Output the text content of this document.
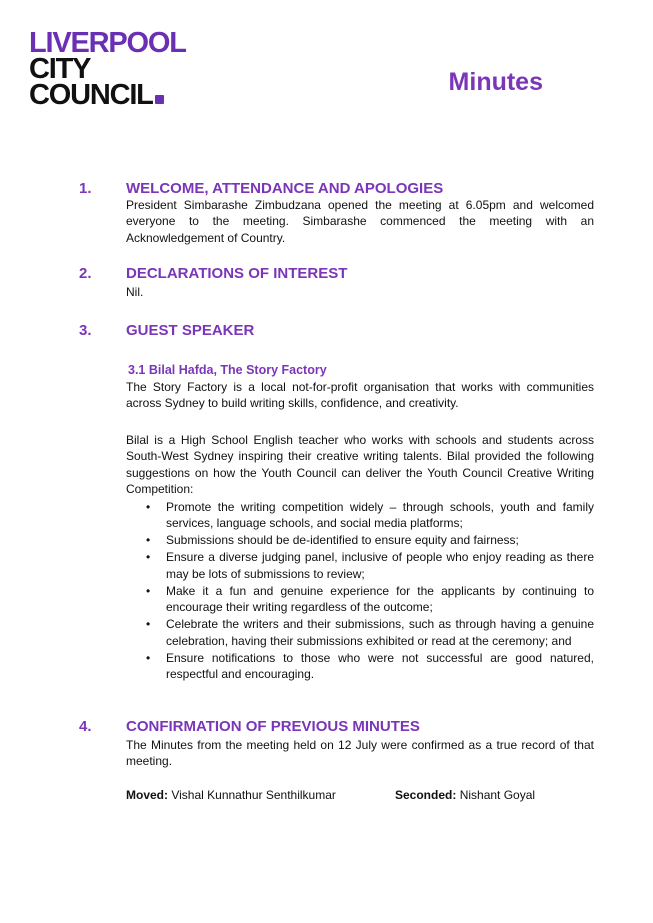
LIVERPOOL
CITY
COUNCIL	Minutes
1. WELCOME, ATTENDANCE AND APOLOGIES

President Simbarashe Zimbudzana opened the meeting at 6.05pm and welcomed everyone to the meeting. Simbarashe commenced the meeting with an Acknowledgement of Country.

2. DECLARATIONS OF INTEREST

Nil.

3. GUEST SPEAKER
3.1 Bilal Hafda, The Story Factory

The Story Factory is a local not-for-profit organisation that works with communities across Sydney to build writing skills, confidence, and creativity.

Bilal is a High School English teacher who works with schools and students across South-West Sydney inspiring their creative writing talents. Bilal provided the following suggestions on how the Youth Council can deliver the Youth Council Creative Writing Competition:

•	Promote the writing competition widely – through schools, youth and family services, language schools, and social media platforms;
•	Submissions should be de-identified to ensure equity and fairness;
•	Ensure a diverse judging panel, inclusive of people who enjoy reading as there may be lots of submissions to review;
•	Make it a fun and genuine experience for the applicants by continuing to encourage their writing regardless of the outcome;
•	Celebrate the writers and their submissions, such as through having a genuine celebration, having their submissions exhibited or read at the ceremony; and
•	Ensure notifications to those who were not successful are good natured, respectful and encouraging.
4. CONFIRMATION OF PREVIOUS MINUTES

The Minutes from the meeting held on 12 July were confirmed as a true record of that meeting.

Moved: Vishal Kunnathur Senthilkumar	Seconded: Nishant Goyal
